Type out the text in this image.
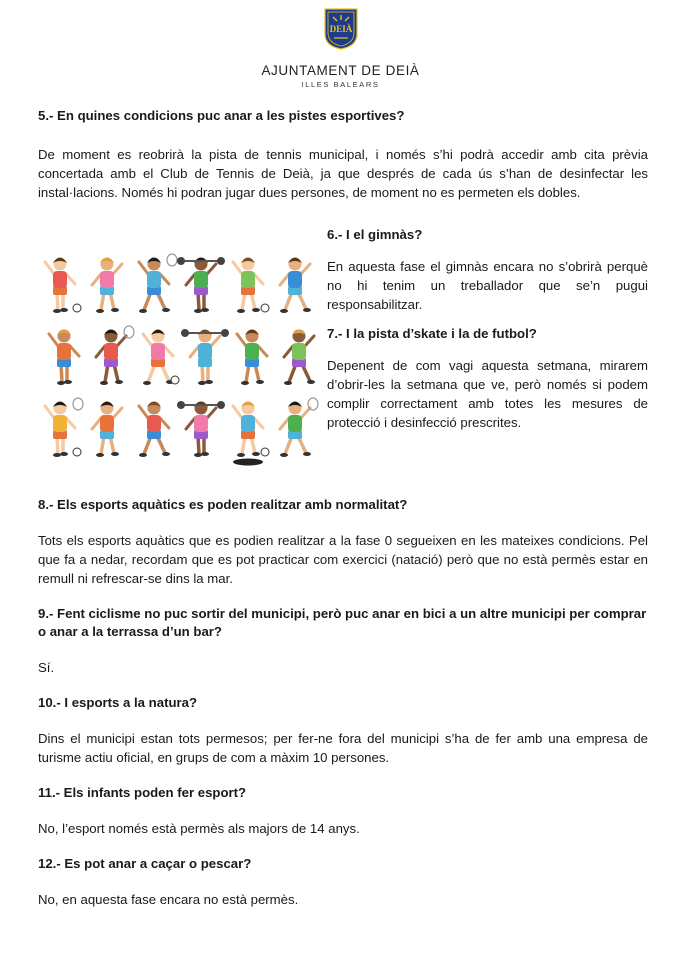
DEIÀ
AJUNTAMENT DE DEIÀ
ILLES BALEARS
5.- En quines condicions puc anar a les pistes esportives?

De moment es reobrirà la pista de tennis municipal, i només s’hi podrà accedir amb cita prèvia concertada amb el Club de Tennis de Deià, ja que després de cada ús s’han de desinfectar les instal·lacions. Només hi podran jugar dues persones, de moment no es permeten els dobles.

6.- I el gimnàs?

En aquesta fase el gimnàs encara no s’obrirà perquè no hi tenim un treballador que se’n pugui responsabilitzar.

7.- I la pista d’skate i la de futbol?

Depenent de com vagi aquesta setmana, mirarem d’obrir-les la setmana que ve, però només si podem complir correctament amb totes les mesures de protecció i desinfecció prescrites.

8.- Els esports aquàtics es poden realitzar amb normalitat?

Tots els esports aquàtics que es podien realitzar a la fase 0 segueixen en les mateixes condicions. Pel que fa a nedar, recordam que es pot practicar com exercici (natació) però que no està permès estar en remull ni refrescar-se dins la mar.

9.- Fent ciclisme no puc sortir del municipi, però puc anar en bici a un altre municipi per comprar o anar a la terrassa d’un bar?

Sí.

10.- I esports a la natura?

Dins el municipi estan tots permesos; per fer-ne fora del municipi s’ha de fer amb una empresa de turisme actiu oficial, en grups de com a màxim 10 persones.

11.- Els infants poden fer esport?

No, l’esport només està permès als majors de 14 anys.

12.- Es pot anar a caçar o pescar?

No, en aquesta fase encara no està permès.
